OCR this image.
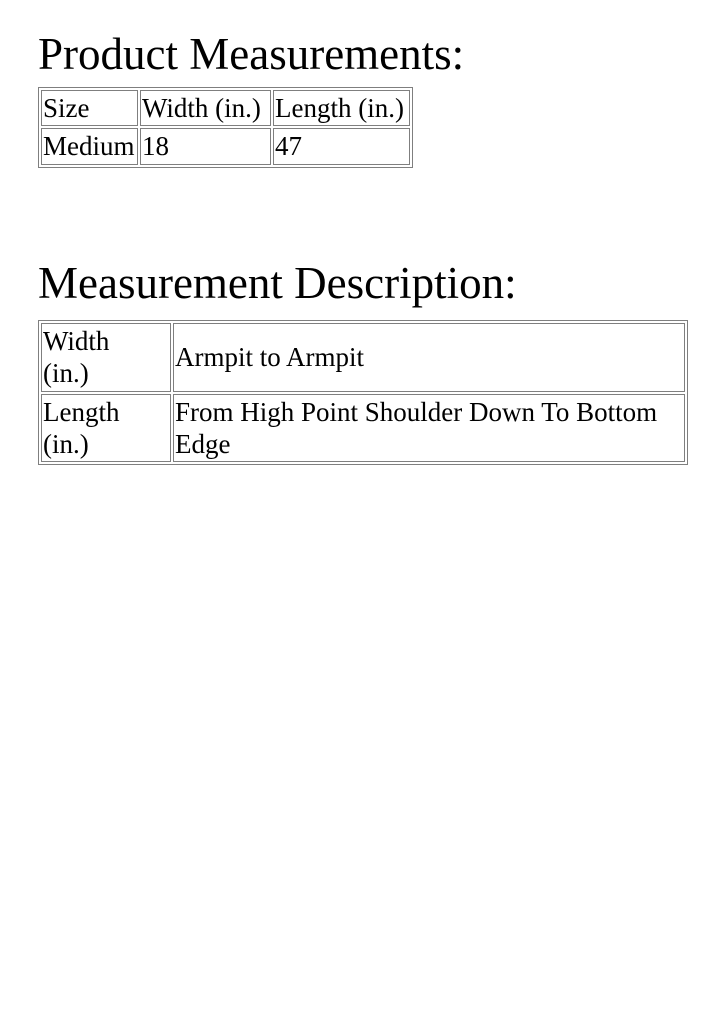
Product Measurements:
Size	Width (in.)	Length (in.)
Medium	18	47
Measurement Description:
Width
(in.)	Armpit to Armpit

Length
(in.)	From High Point Shoulder Down To Bottom Edge
